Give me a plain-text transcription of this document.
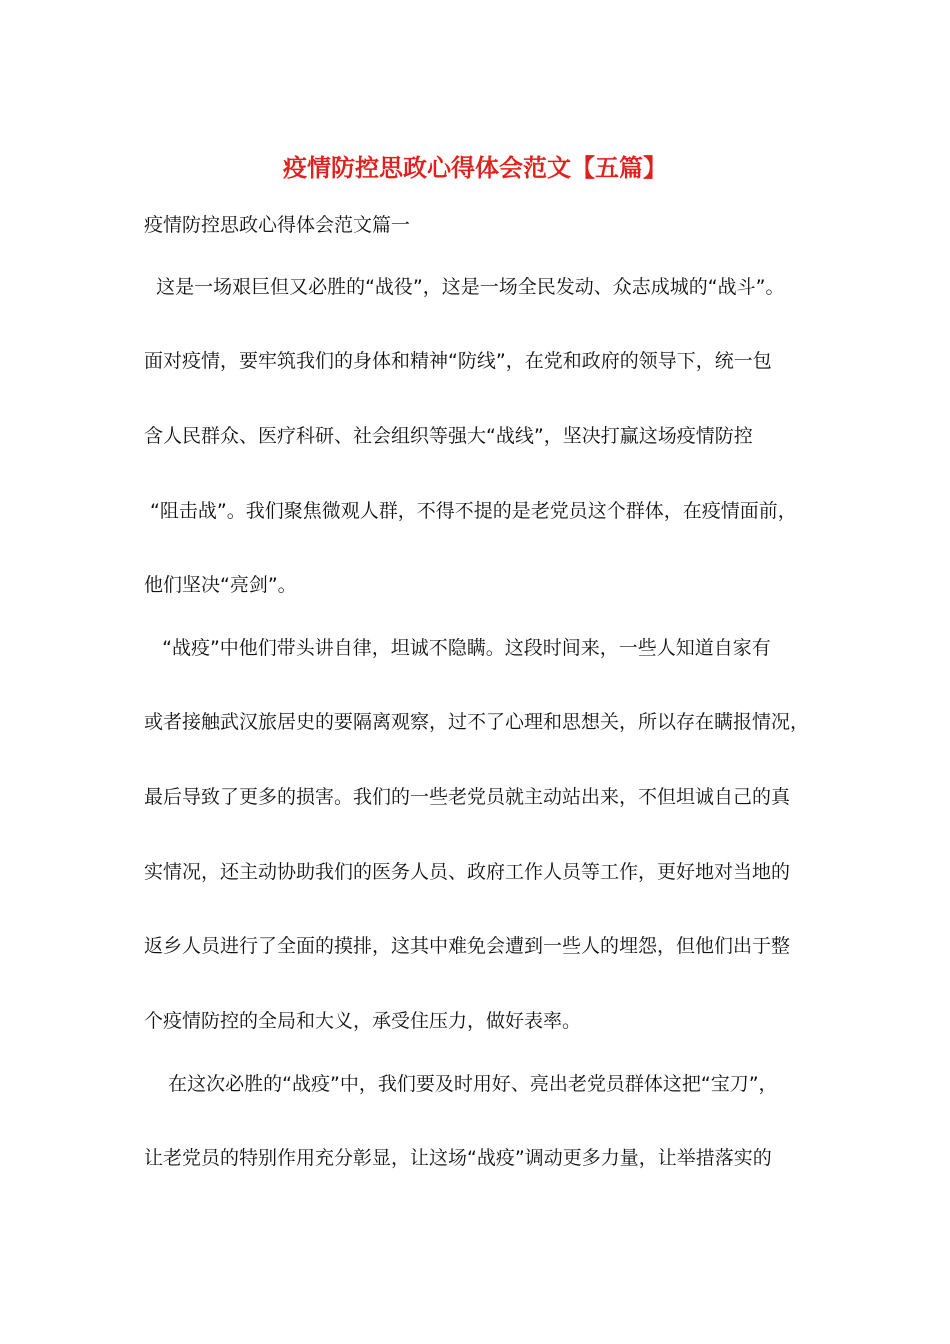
疫情防控思政心得体会范文【五篇】

疫情防控思政心得体会范文篇一

这是一场艰巨但又必胜的“战役”，这是一场全民发动、众志成城的“战斗”。

面对疫情，要牢筑我们的身体和精神“防线”，在党和政府的领导下，统一包

含人民群众、医疗科研、社会组织等强大“战线”，坚决打赢这场疫情防控

“阻击战”。我们聚焦微观人群，不得不提的是老党员这个群体，在疫情面前，

他们坚决“亮剑”。

“战疫”中他们带头讲自律，坦诚不隐瞒。这段时间来，一些人知道自家有

或者接触武汉旅居史的要隔离观察，过不了心理和思想关，所以存在瞒报情况，

最后导致了更多的损害。我们的一些老党员就主动站出来，不但坦诚自己的真

实情况，还主动协助我们的医务人员、政府工作人员等工作，更好地对当地的

返乡人员进行了全面的摸排，这其中难免会遭到一些人的埋怨，但他们出于整

个疫情防控的全局和大义，承受住压力，做好表率。

在这次必胜的“战疫”中，我们要及时用好、亮出老党员群体这把“宝刀”，

让老党员的特别作用充分彰显，让这场“战疫”调动更多力量，让举措落实的
